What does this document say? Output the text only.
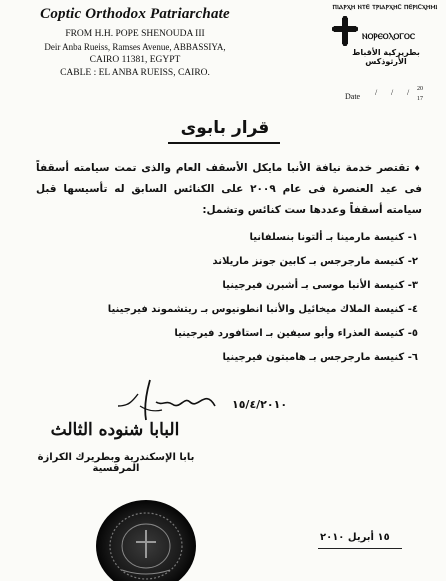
Coptic Orthodox Patriarchate
FROM H.H. POPE SHENOUDA III
Deir Anba Rueiss, Ramses Avenue, ABBASSIYA,
CAIRO 11381, EGYPT
CABLE : EL ANBA RUEISS, CAIRO.
ⲠⲒⲀⲢⲬⲎ ⲚⲦⲈ ⲦⲢⲒⲀⲢⲬⲎⲤ ⲠⲈⲢⲒⲤⲬⲎⲘⲒ
ⲚⲞⲢⲈⲞⲖⲞⲄⲞⲤ
بطريركية الأقباط الأرثوذكس
Date / / / 20
17
قرار بابوى
♦تقتصر خدمة نيافة الأنبا مايكل الأسقف العام والذى تمت سيامته أسقفاً فى عيد العنصرة فى عام ٢٠٠٩ على الكنائس السابق له تأسيسها قبل سيامته أسقفاً وعددها ست كنائس وتشمل:
١- كنيسة مارمينا بـ ألتونا بنسلفانيا
٢- كنيسة مارجرجس بـ كابين جونز ماريلاند
٣- كنيسة الأنبا موسى بـ أشبرن فيرجينيا
٤- كنيسة الملاك ميخائيل والأنبا انطونيوس بـ ريتشموند فيرجينيا
٥- كنيسة العذراء وأبو سيفين بـ استافورد فيرجينيا
٦- كنيسة مارجرجس بـ هامبتون فيرجينيا
١٥/٤/٢٠١٠
البابا شنوده الثالث
بابا الإسكندرية وبطريرك الكرازة المرقسية
١٥ أبريل ٢٠١٠
